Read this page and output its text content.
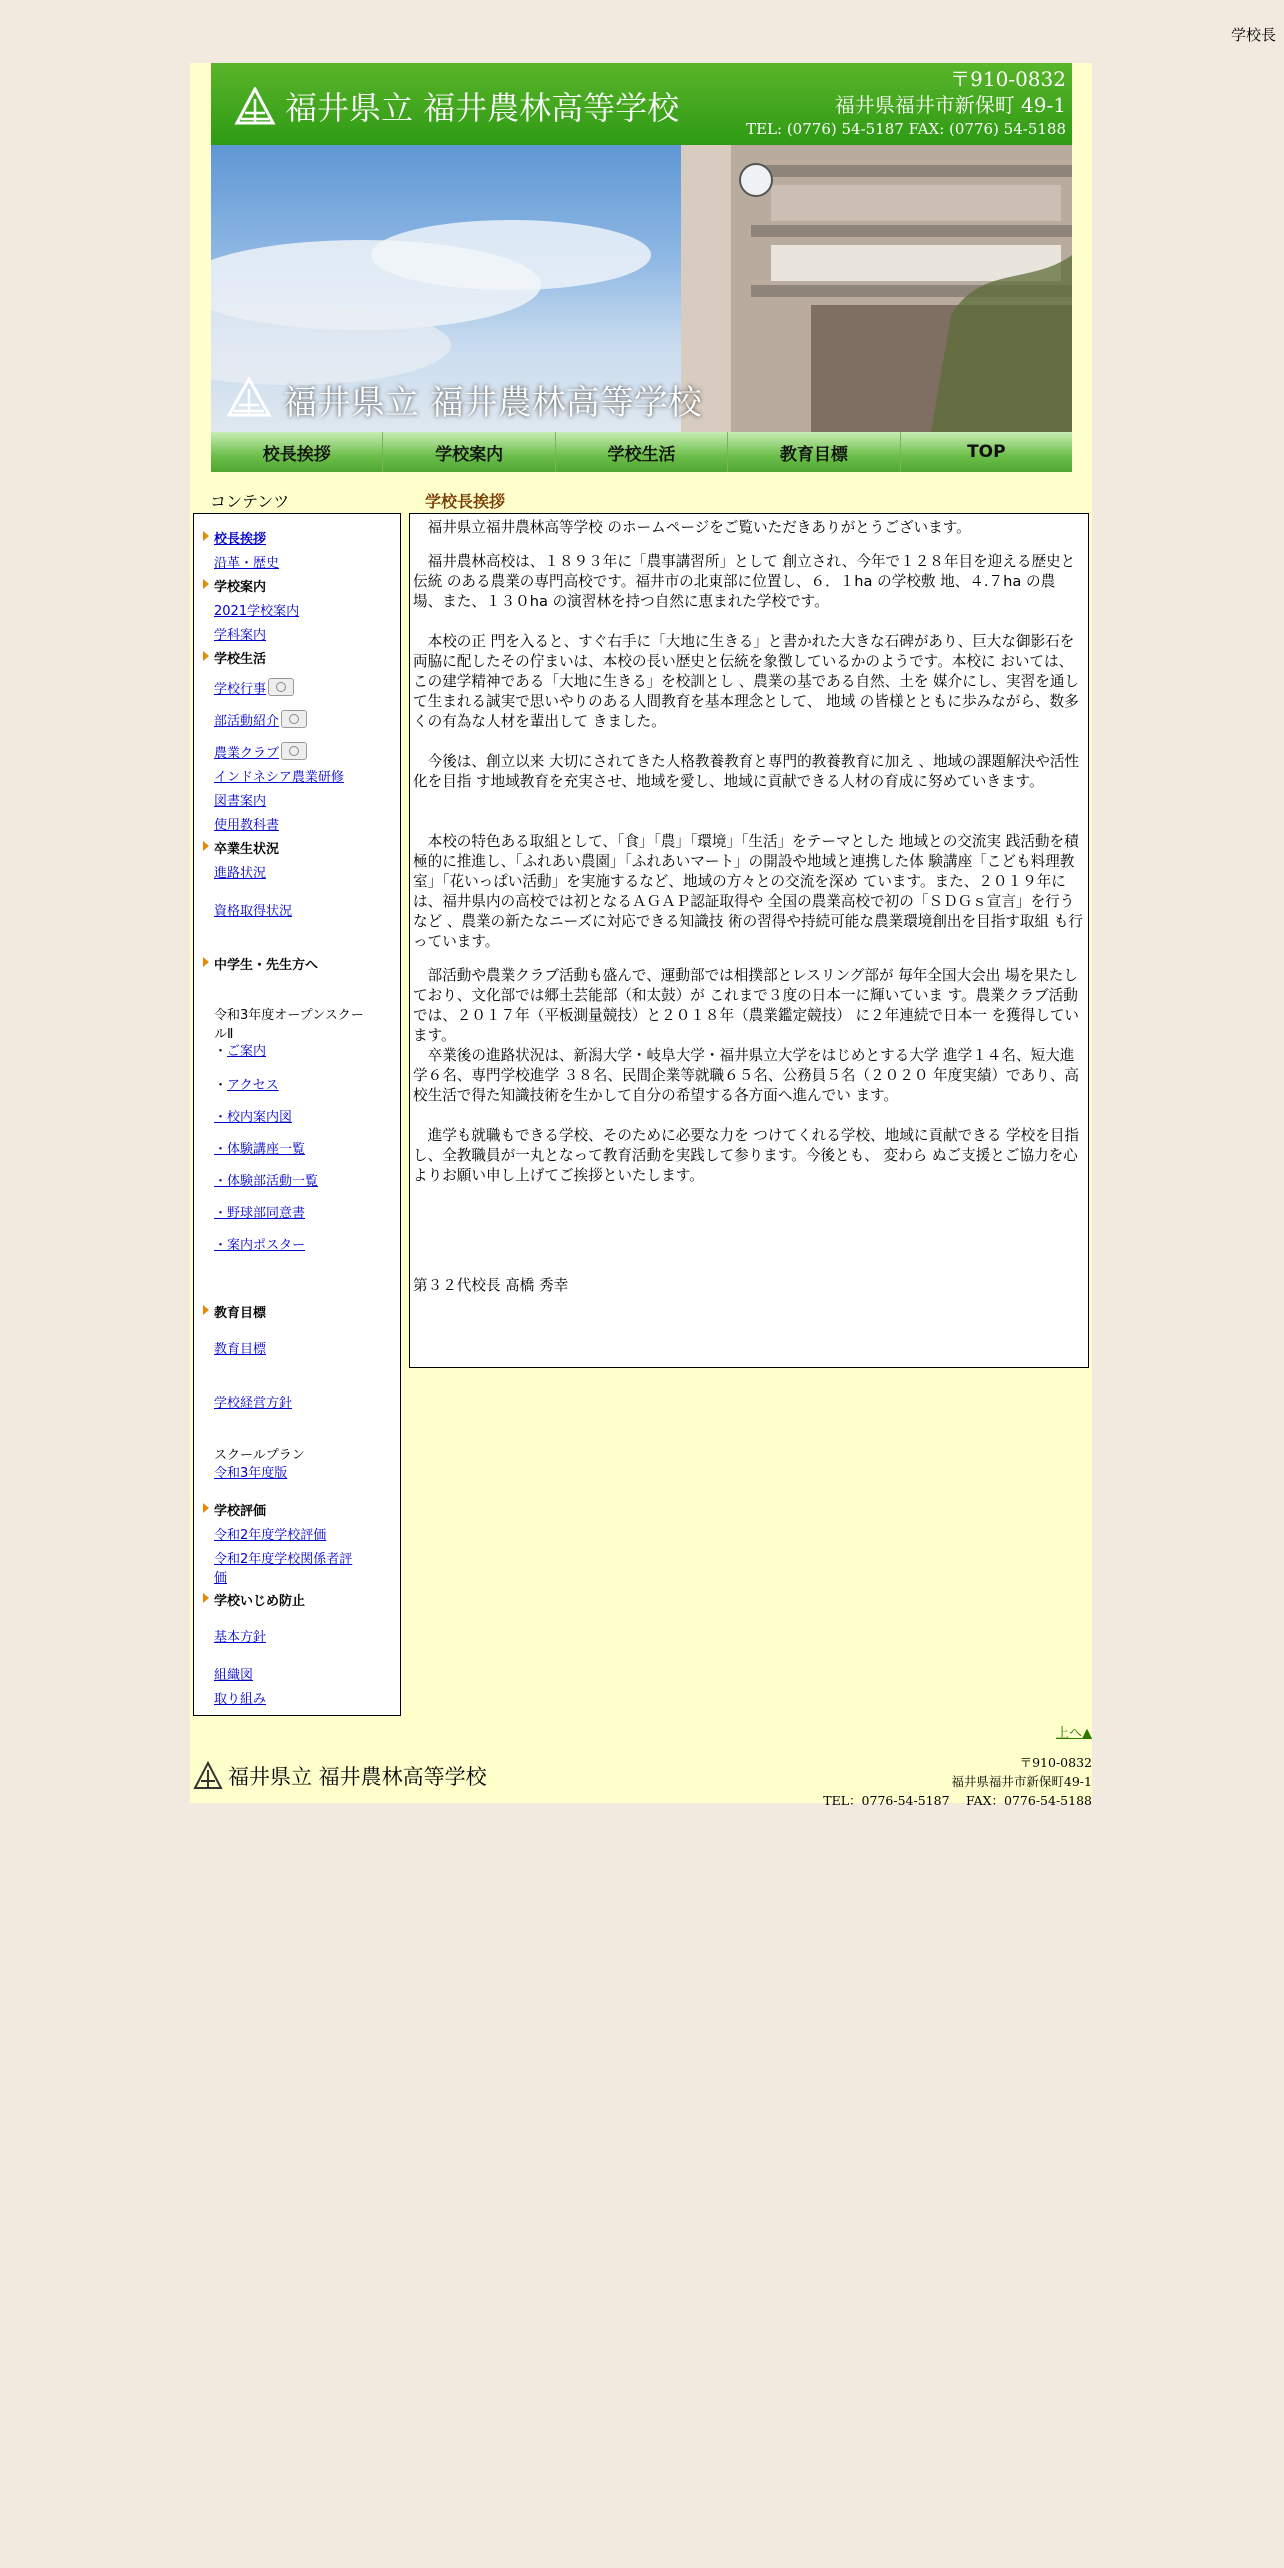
学校長
福井県立 福井農林高等学校
〒910-0832
福井県福井市新保町 49-1
TEL: (0776) 54-5187 FAX: (0776) 54-5188
福井県立 福井農林高等学校
校長挨拶	学校案内	学校生活	教育目標	TOP
コンテンツ	学校長挨拶
校長挨拶
沿革・歴史
学校案内
2021学校案内
学科案内
学校生活
学校行事
部活動紹介
農業クラブ
インドネシア農業研修
図書案内
使用教科書
卒業生状況
進路状況
資格取得状況
中学生・先生方へ
令和3年度オープンスクールⅡ
・ご案内
・アクセス
・校内案内図
・体験講座一覧
・体験部活動一覧
・野球部同意書
・案内ポスター
教育目標
教育目標
学校経営方針
スクールプラン
令和3年度版
学校評価
令和2年度学校評価
令和2年度学校関係者評価
学校いじめ防止
基本方針
組織図
取り組み

　福井県立福井農林高等学校 のホームページをご覧いただきありがとうございます。

　福井農林高校は、１８９３年に「農事講習所」として 創立され、今年で１２８年目を迎える歴史と伝統 のある農業の専門高校です。福井市の北東部に位置し、６．１ha の学校敷 地、４.７ha の農場、また、１３０ha の演習林を持つ自然に恵まれた学校です。

　本校の正 門を入ると、すぐ右手に「大地に生きる」と書かれた大きな石碑があり、巨大な御影石を 両脇に配したその佇まいは、本校の長い歴史と伝統を象徴しているかのようです。本校に おいては、この建学精神である「大地に生きる」を校訓とし 、農業の基である自然、土を 媒介にし、実習を通して生まれる誠実で思いやりのある人間教育を基本理念として、 地域 の皆様とともに歩みながら、数多くの有為な人材を輩出して きました。

　今後は、創立以来 大切にされてきた人格教養教育と専門的教養教育に加え 、地域の課題解決や活性化を目指 す地域教育を充実させ、地域を愛し、地域に貢献できる人材の育成に努めていきます。

　本校の特色ある取組として、「食」「農」「環境」「生活」をテーマとした 地域との交流実 践活動を積極的に推進し、「ふれあい農園」「ふれあいマート」の開設や地域と連携した体 験講座「こども料理教室」「花いっぱい活動」を実施するなど、地域の方々との交流を深め ています。また、２０１９年には、福井県内の高校では初となるＡＧＡＰ認証取得や 全国の農業高校で初の「ＳＤＧｓ宣言」を行うなど 、農業の新たなニーズに対応できる知識技 術の習得や持続可能な農業環境創出を目指す取組 も行っています。

　部活動や農業クラブ活動も盛んで、運動部では相撲部とレスリング部が 毎年全国大会出 場を果たしており、文化部では郷土芸能部（和太鼓）が これまで３度の日本一に輝いていま す。農業クラブ活動では、２０１７年（平板測量競技）と２０１８年（農業鑑定競技） に２年連続で日本一 を獲得しています。

　卒業後の進路状況は、新潟大学・岐阜大学・福井県立大学をはじめとする大学 進学１４名、短大進学６名、専門学校進学 ３８名、民間企業等就職６５名、公務員５名（２０２０ 年度実績）であり、高校生活で得た知識技術を生かして自分の希望する各方面へ進んでい ます。

　進学も就職もできる学校、そのために必要な力を つけてくれる学校、地域に貢献できる 学校を目指し、全教職員が一丸となって教育活動を実践して参ります。今後とも、 変わら ぬご支援とご協力を心よりお願い申し上げてご挨拶といたします。

第３２代校長 髙橋 秀幸

上へ▲
福井県立 福井農林高等学校
〒910-0832
福井県福井市新保町49-1
TEL：0776-54-5187　 FAX：0776-54-5188
